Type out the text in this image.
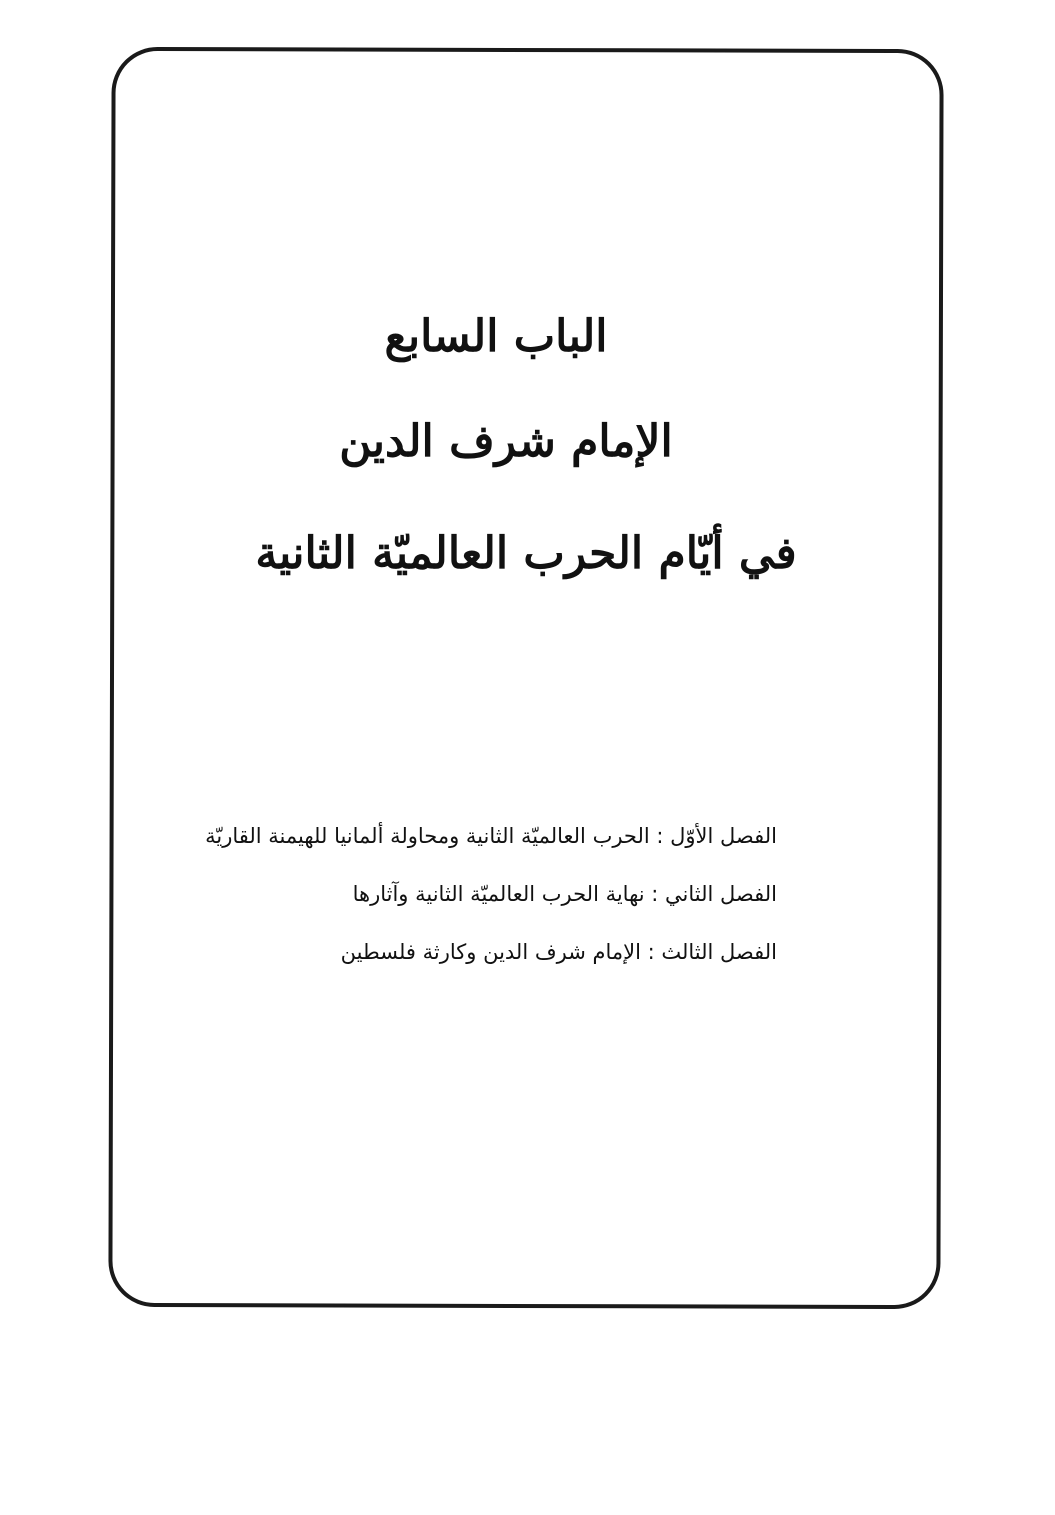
الباب السابع
الإمام شرف الدين
في أيّام الحرب العالميّة الثانية
الفصل الأوّل : الحرب العالميّة الثانية ومحاولة ألمانيا للهيمنة القاريّة
الفصل الثاني : نهاية الحرب العالميّة الثانية وآثارها
الفصل الثالث : الإمام شرف الدين وكارثة فلسطين
